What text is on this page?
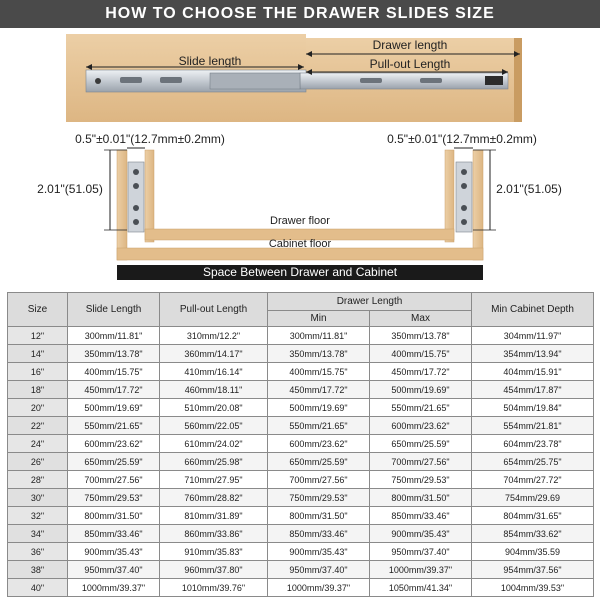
HOW TO CHOOSE THE DRAWER SLIDES SIZE
Slide length
Drawer length
Pull-out Length
0.5"±0.01"(12.7mm±0.2mm)	0.5"±0.01"(12.7mm±0.2mm)
2.01"(51.05)	2.01"(51.05)
Drawer floor
Cabinet floor
Space Between Drawer and Cabinet
Size	Slide Length	Pull-out Length	Drawer Length		Min Cabinet Depth
			Min	Max	
12"	300mm/11.81"	310mm/12.2"	300mm/11.81"	350mm/13.78"	304mm/11.97"
14"	350mm/13.78"	360mm/14.17"	350mm/13.78"	400mm/15.75"	354mm/13.94"
16"	400mm/15.75"	410mm/16.14"	400mm/15.75"	450mm/17.72"	404mm/15.91"
18"	450mm/17.72"	460mm/18.11"	450mm/17.72"	500mm/19.69"	454mm/17.87"
20"	500mm/19.69"	510mm/20.08"	500mm/19.69"	550mm/21.65"	504mm/19.84"
22"	550mm/21.65"	560mm/22.05"	550mm/21.65"	600mm/23.62"	554mm/21.81"
24"	600mm/23.62"	610mm/24.02"	600mm/23.62"	650mm/25.59"	604mm/23.78"
26"	650mm/25.59"	660mm/25.98"	650mm/25.59"	700mm/27.56"	654mm/25.75"
28"	700mm/27.56"	710mm/27.95"	700mm/27.56"	750mm/29.53"	704mm/27.72"
30"	750mm/29.53"	760mm/28.82"	750mm/29.53"	800mm/31.50"	754mm/29.69
32"	800mm/31.50"	810mm/31.89"	800mm/31.50"	850mm/33.46"	804mm/31.65"
34"	850mm/33.46"	860mm/33.86"	850mm/33.46"	900mm/35.43"	854mm/33.62"
36"	900mm/35.43"	910mm/35.83"	900mm/35.43"	950mm/37.40"	904mm/35.59
38"	950mm/37.40"	960mm/37.80"	950mm/37.40"	1000mm/39.37"	954mm/37.56"
40"	1000mm/39.37"	1010mm/39.76"	1000mm/39.37"	1050mm/41.34"	1004mm/39.53"
